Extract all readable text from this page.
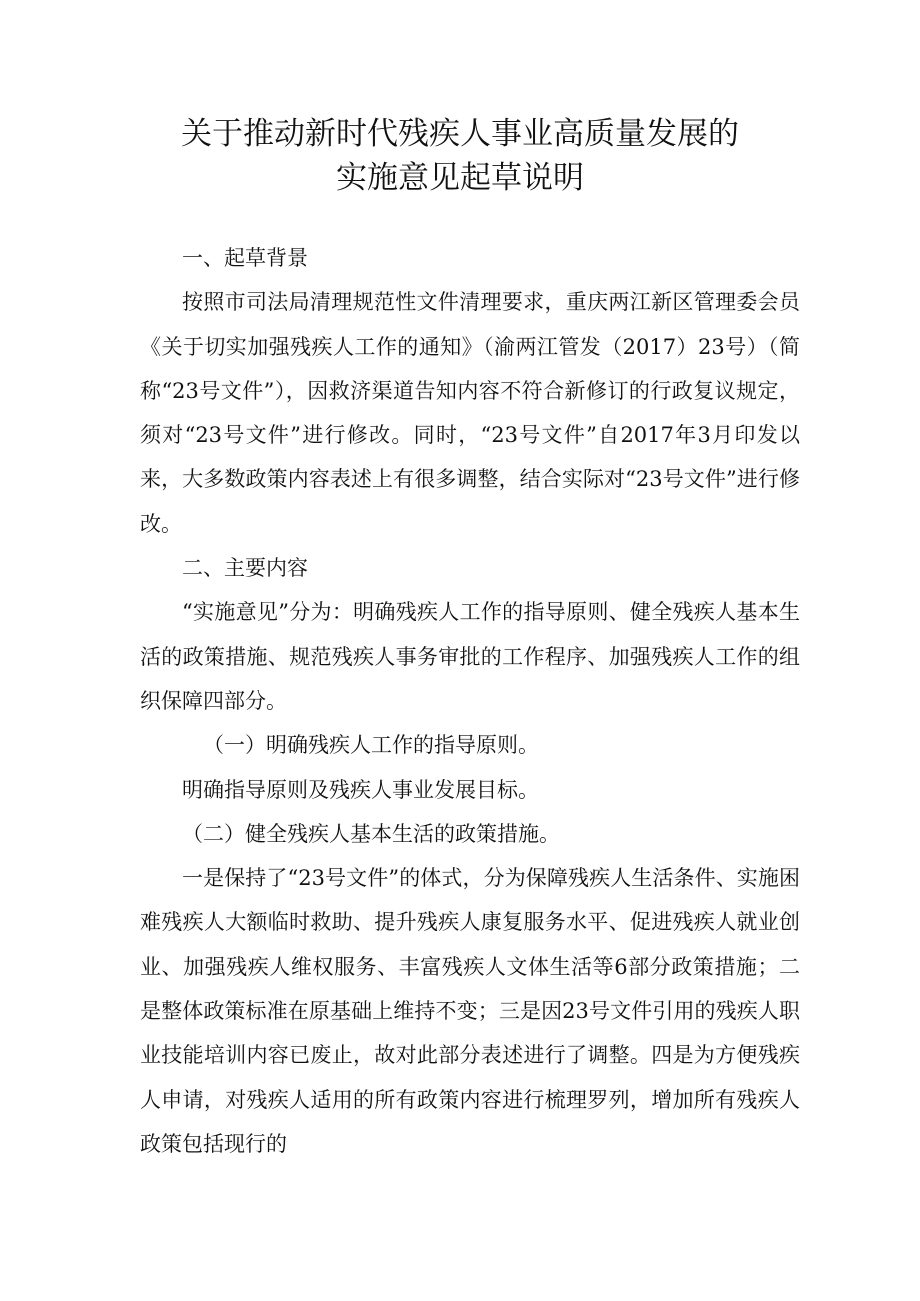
关于推动新时代残疾人事业高质量发展的
实施意见起草说明

一、起草背景

按照市司法局清理规范性文件清理要求，重庆两江新区管理委会员《关于切实加强残疾人工作的通知》（渝两江管发（2017）23号）（简称“23号文件”），因救济渠道告知内容不符合新修订的行政复议规定，须对“23号文件”进行修改。同时，“23号文件”自2017年3月印发以来，大多数政策内容表述上有很多调整，结合实际对“23号文件”进行修改。

二、主要内容

“实施意见”分为：明确残疾人工作的指导原则、健全残疾人基本生活的政策措施、规范残疾人事务审批的工作程序、加强残疾人工作的组织保障四部分。

（一）明确残疾人工作的指导原则。

明确指导原则及残疾人事业发展目标。

（二）健全残疾人基本生活的政策措施。

一是保持了“23号文件”的体式，分为保障残疾人生活条件、实施困难残疾人大额临时救助、提升残疾人康复服务水平、促进残疾人就业创业、加强残疾人维权服务、丰富残疾人文体生活等6部分政策措施；二是整体政策标准在原基础上维持不变；三是因23号文件引用的残疾人职业技能培训内容已废止，故对此部分表述进行了调整。四是为方便残疾人申请，对残疾人适用的所有政策内容进行梳理罗列，增加所有残疾人政策包括现行的
